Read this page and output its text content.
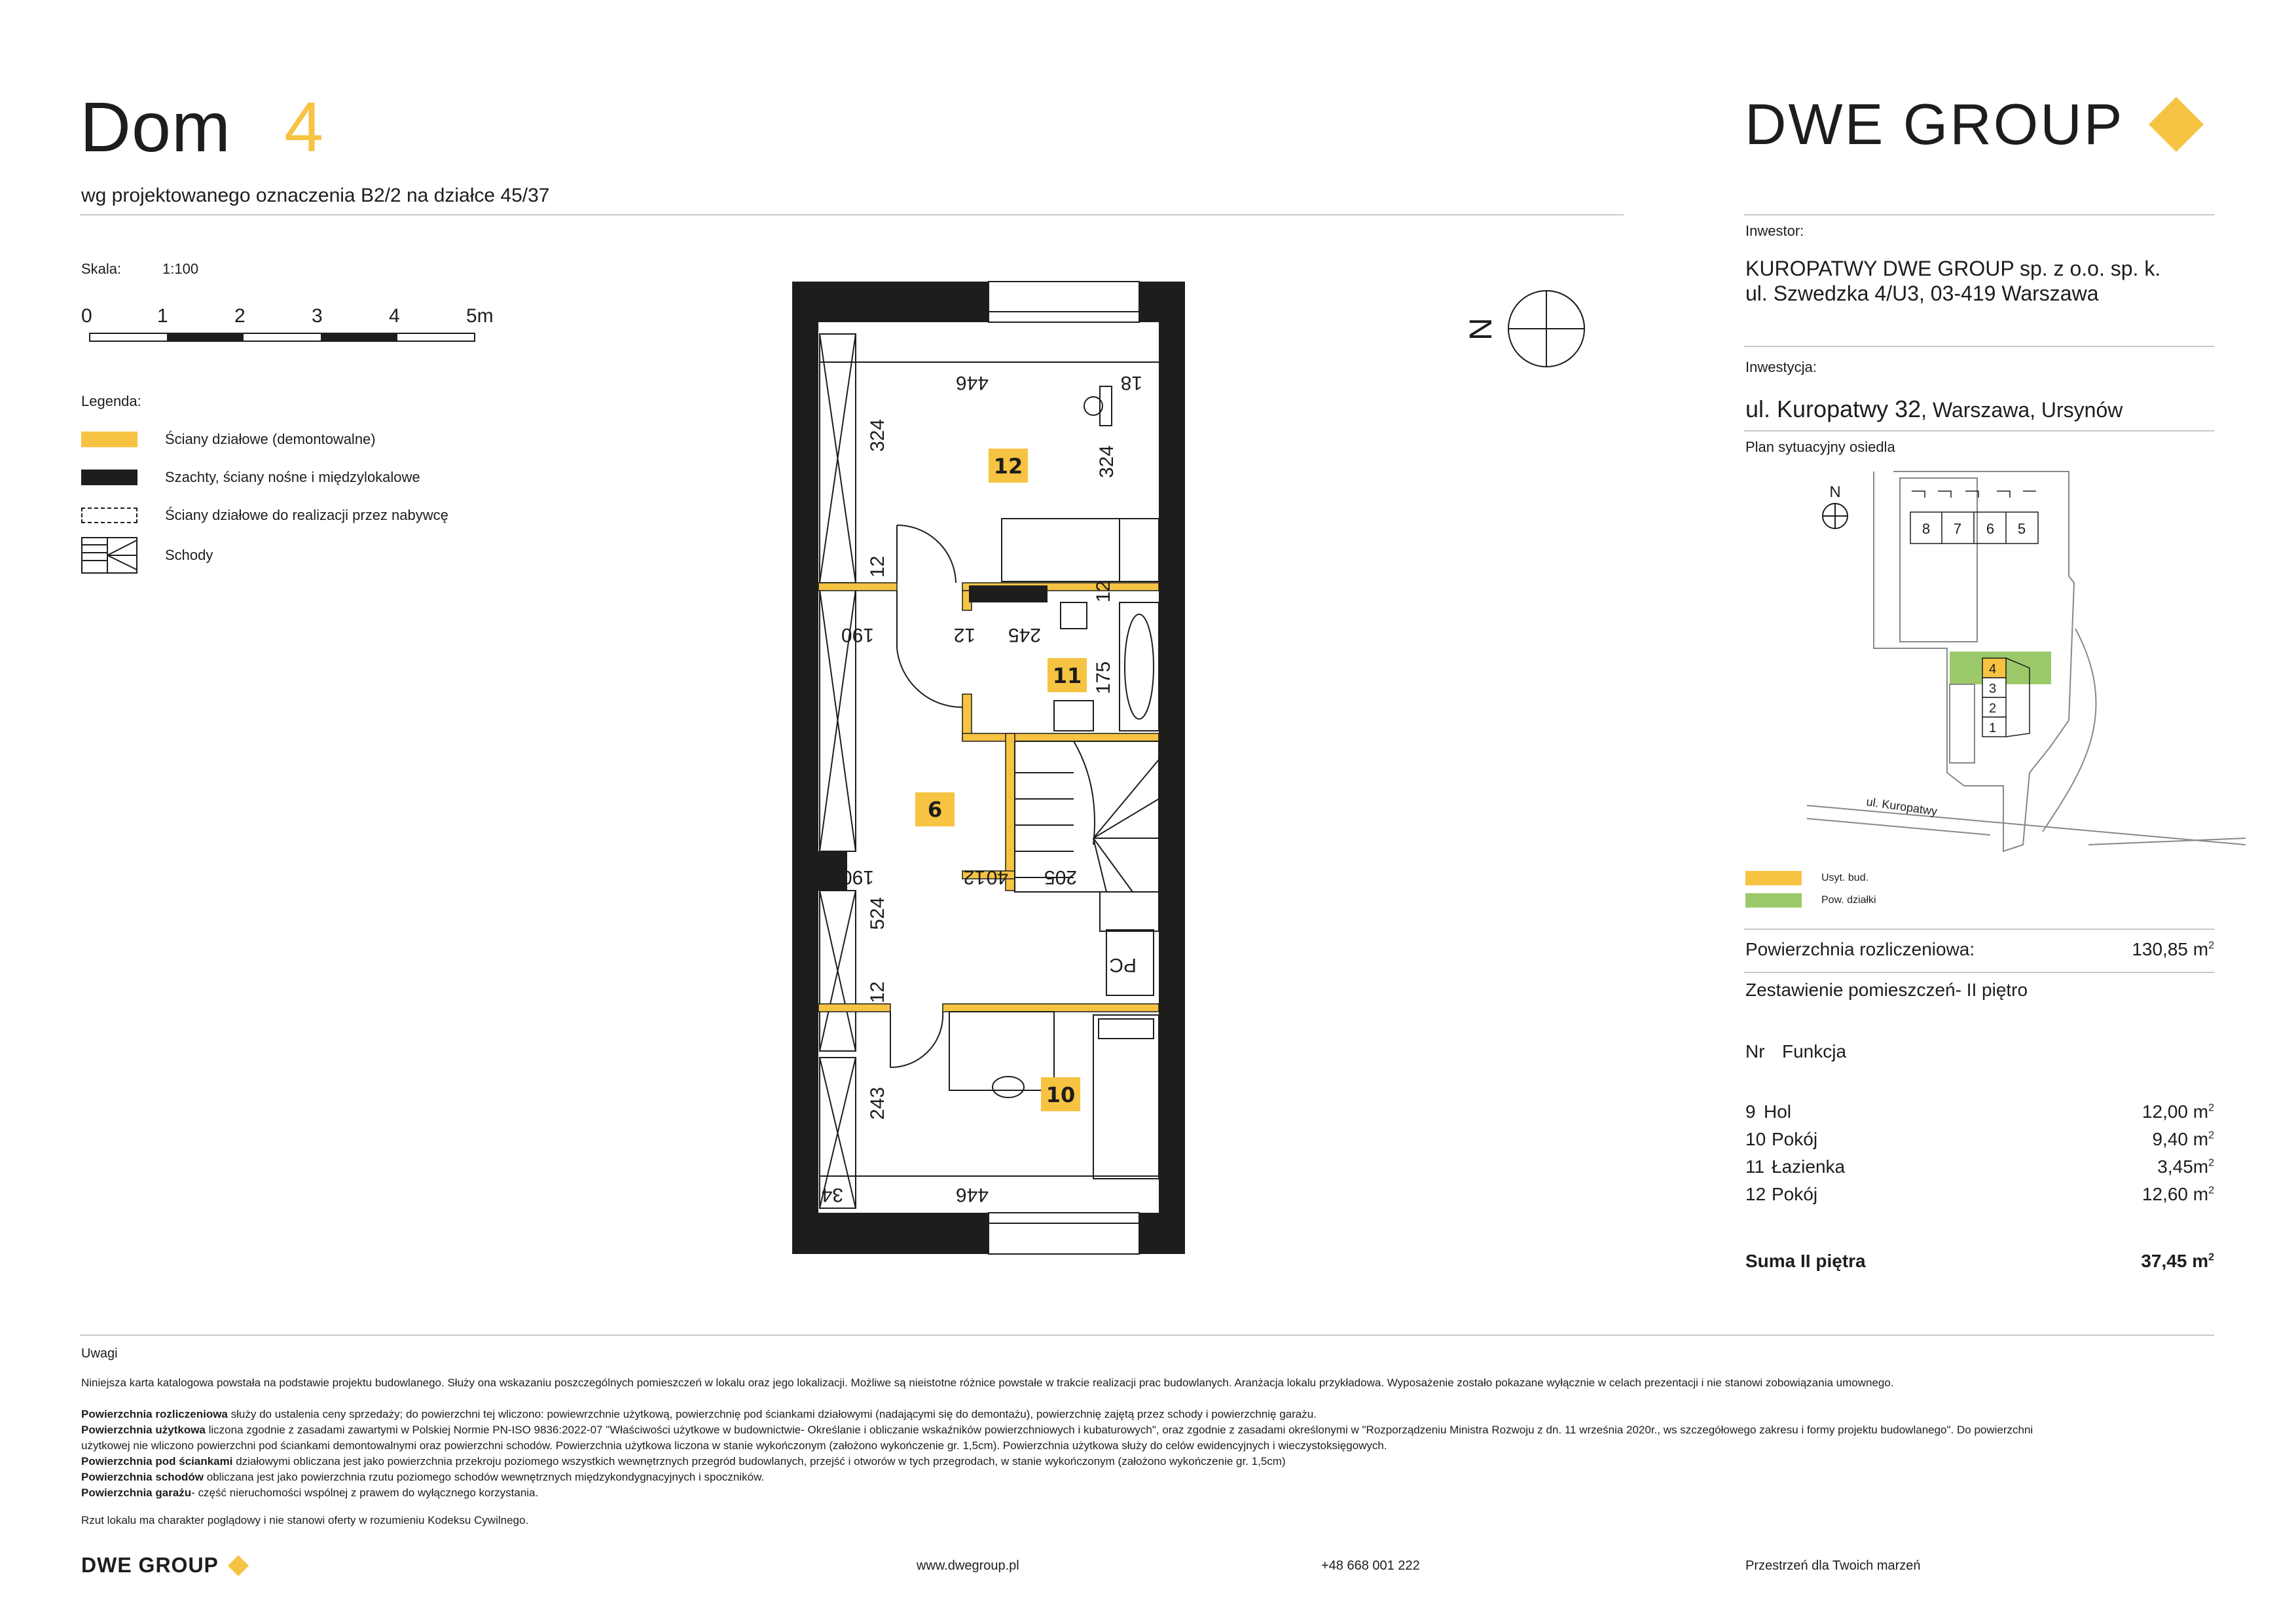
Dom 4
wg projektowanego oznaczenia B2/2 na działce 45/37
DWE GROUP
Skala:	1:100
0	1	2	3	4	5m
Legenda:
Ściany działowe (demontowalne)
Szachty, ściany nośne i międzylokalowe
Ściany działowe do realizacji przez nabywcę
Schody
PC
12
11
9
10
446	18
324
324
12
190	12 245
12
175
190	12 40 205
524
12
243
34	446
N
Inwestor:
KUROPATWY DWE GROUP sp. z o.o. sp. k.
ul. Szwedzka 4/U3, 03-419 Warszawa
Inwestycja:
ul. Kuropatwy 32, Warszawa, Ursynów
Plan sytuacyjny osiedla
N
8 7 6 5
4
3
2
1
ul. Kuropatwy
Usyt. bud.
Pow. działki
Powierzchnia rozliczeniowa:	130,85 $m^2$
Zestawienie pomieszczeń- II piętro
Nr Funkcja
9 Hol	12,00 $m^2$
10 Pokój	9,40 $m^2$
11 Łazienka	$3,45m^2$
12 Pokój	12,60 $m^2$
Suma II piętra	37,45 $m^2$
Uwagi
Niniejsza karta katalogowa powstała na podstawie projektu budowlanego. Służy ona wskazaniu poszczególnych pomieszczeń w lokalu oraz jego lokalizacji. Możliwe są nieistotne różnice powstałe w trakcie realizacji prac budowlanych. Aranżacja lokalu przykładowa. Wyposażenie zostało pokazane wyłącznie w celach prezentacji i nie stanowi zobowiązania umownego.
Powierzchnia rozliczeniowa służy do ustalenia ceny sprzedaży; do powierzchni tej wliczono: powiewrzchnie użytkową, powierzchnię pod ściankami działowymi (nadającymi się do demontażu), powierzchnię zajętą przez schody i powierzchnię garażu.
Powierzchnia użytkowa liczona zgodnie z zasadami zawartymi w Polskiej Normie PN-ISO 9836:2022-07 "Właściwości użytkowe w budownictwie- Określanie i obliczanie wskaźników powierzchniowych i kubaturowych", oraz zgodnie z zasadami określonymi w "Rozporządzeniu Ministra Rozwoju z dn. 11 września 2020r., ws szczegółowego zakresu i formy projektu budowlanego". Do powierzchni użytkowej nie wliczono powierzchni pod ściankami demontowalnymi oraz powierzchni schodów. Powierzchnia użytkowa liczona w stanie wykończonym (założono wykończenie gr. 1,5cm). Powierzchnia użytkowa służy do celów ewidencyjnych i wieczystoksięgowych.
Powierzchnia pod ściankami działowymi obliczana jest jako powierzchnia przekroju poziomego wszystkich wewnętrznych przegród budowlanych, przejść i otworów w tych przegrodach, w stanie wykończonym (założono wykończenie gr. 1,5cm)
Powierzchnia schodów obliczana jest jako powierzchnia rzutu poziomego schodów wewnętrznych międzykondygnacyjnych i spoczników.
Powierzchnia garażu- część nieruchomości wspólnej z prawem do wyłącznego korzystania.
Rzut lokalu ma charakter poglądowy i nie stanowi oferty w rozumieniu Kodeksu Cywilnego.
DWE GROUP	www.dwegroup.pl	+48 668 001 222	Przestrzeń dla Twoich marzeń
